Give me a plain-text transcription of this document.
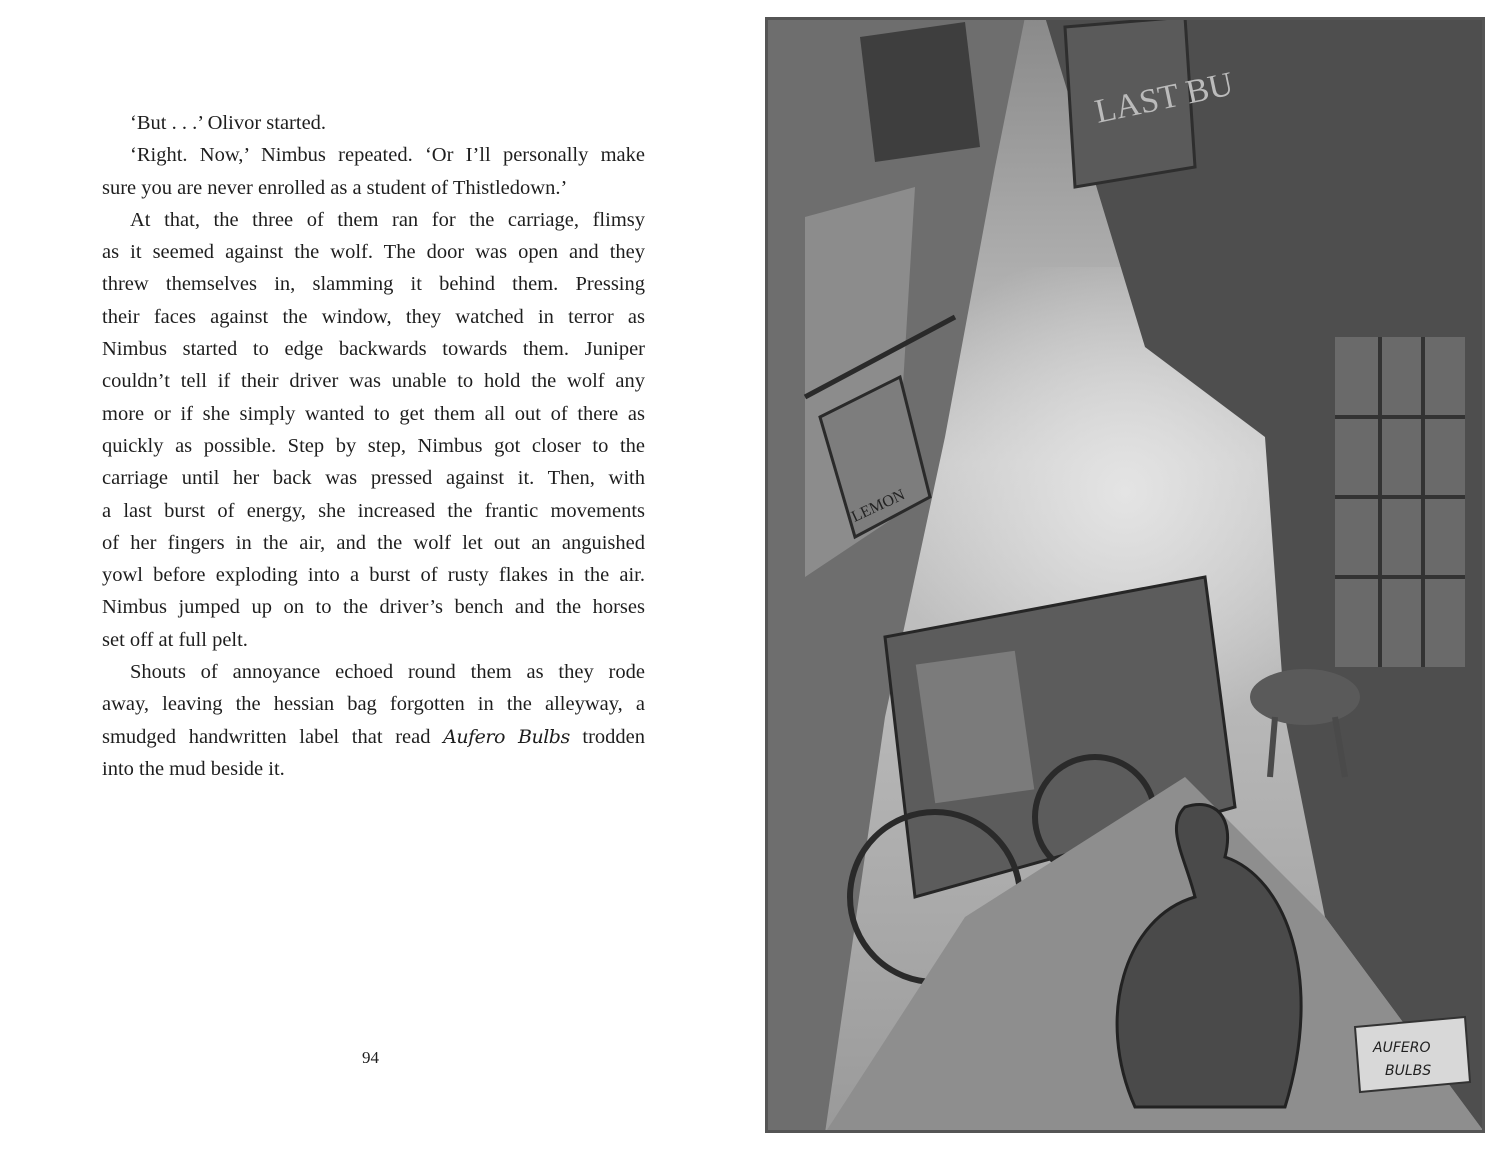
‘But . . .’ Olivor started.
‘Right. Now,’ Nimbus repeated. ‘Or I’ll personally make
sure you are never enrolled as a student of Thistledown.’
At that, the three of them ran for the carriage, flimsy
as it seemed against the wolf. The door was open and they
threw themselves in, slamming it behind them. Pressing
their faces against the window, they watched in terror as
Nimbus started to edge backwards towards them. Juniper
couldn’t tell if their driver was unable to hold the wolf any
more or if she simply wanted to get them all out of there as
quickly as possible. Step by step, Nimbus got closer to the
carriage until her back was pressed against it. Then, with
a last burst of energy, she increased the frantic movements
of her fingers in the air, and the wolf let out an anguished
yowl before exploding into a burst of rusty flakes in the air.
Nimbus jumped up on to the driver’s bench and the horses
set off at full pelt.
Shouts of annoyance echoed round them as they rode
away, leaving the hessian bag forgotten in the alleyway, a
smudged handwritten label that read Aufero Bulbs trodden
into the mud beside it.
94
LAST BU
LEMON
AUFERO
BULBS
